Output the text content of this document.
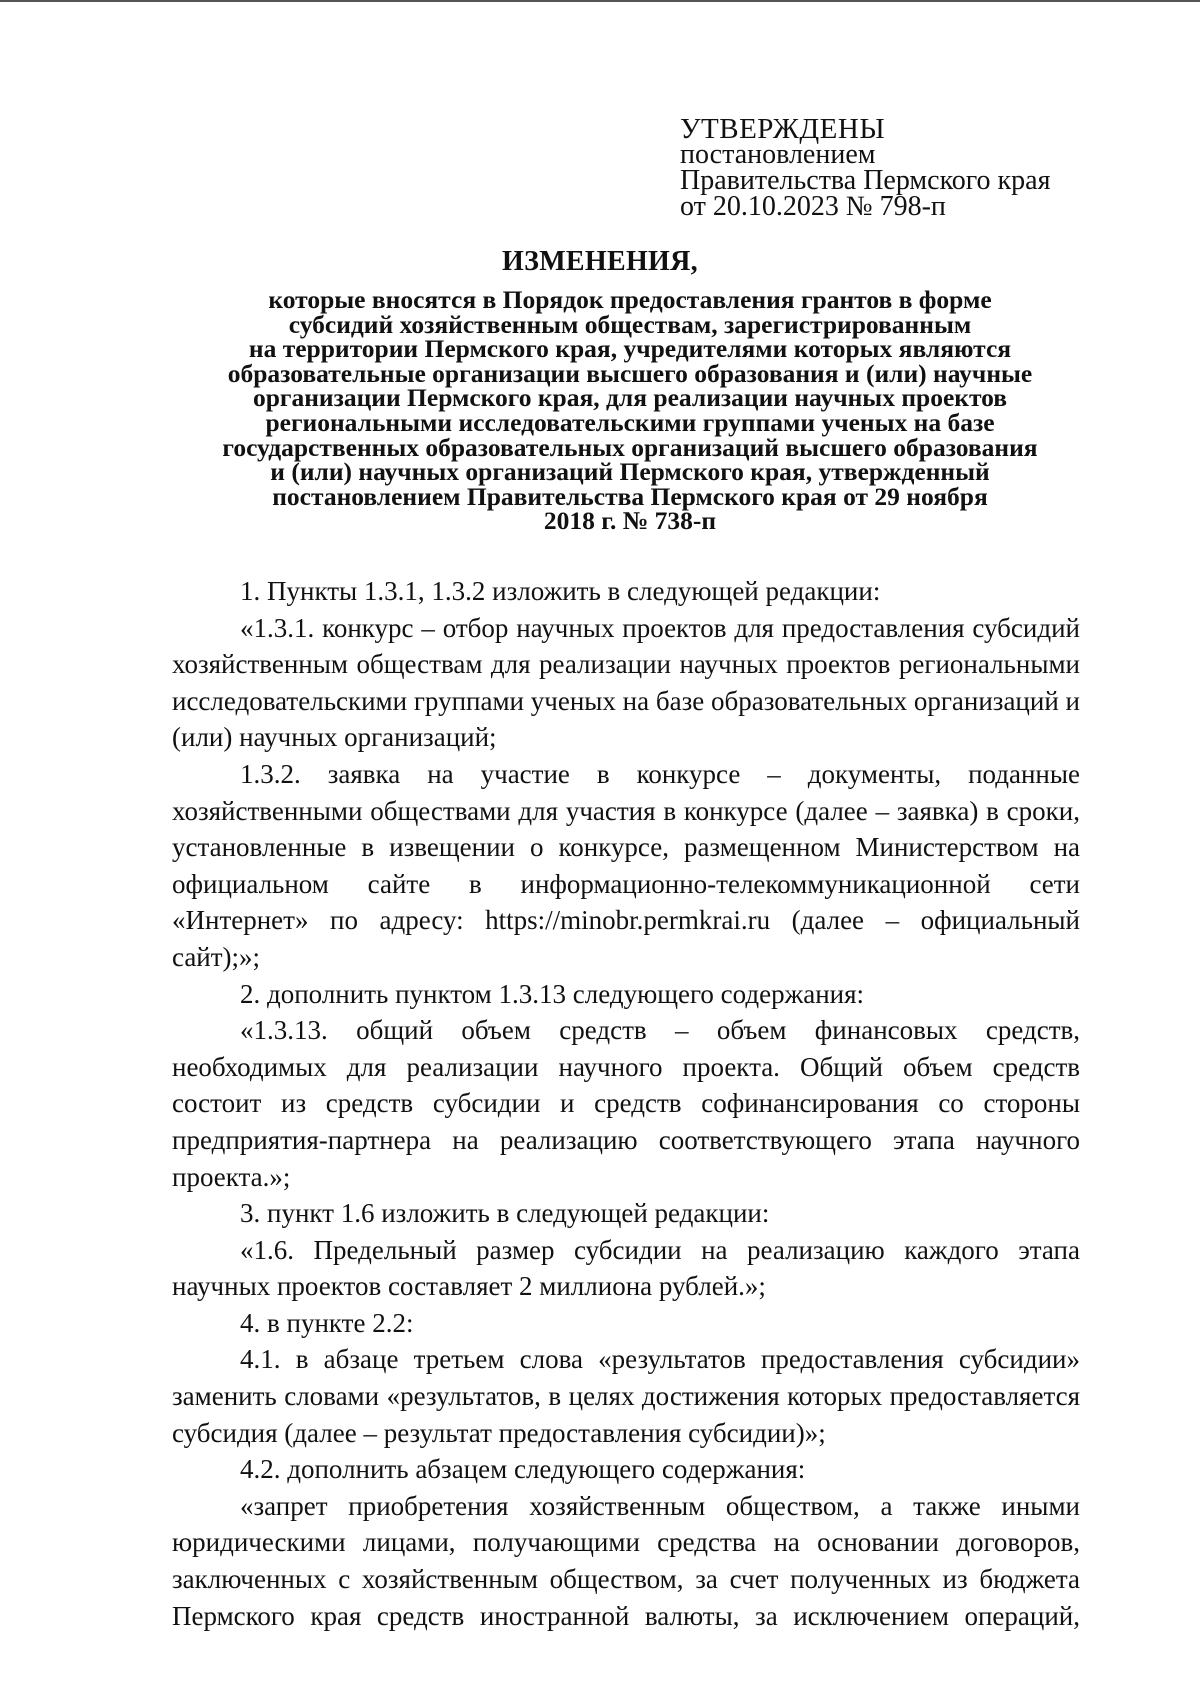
УТВЕРЖДЕНЫ
постановлением
Правительства Пермского края
от 20.10.2023 № 798-п
ИЗМЕНЕНИЯ,
которые вносятся в Порядок предоставления грантов в форме
субсидий хозяйственным обществам, зарегистрированным
на территории Пермского края, учредителями которых являются
образовательные организации высшего образования и (или) научные
организации Пермского края, для реализации научных проектов
региональными исследовательскими группами ученых на базе
государственных образовательных организаций высшего образования
и (или) научных организаций Пермского края, утвержденный
постановлением Правительства Пермского края от 29 ноября
2018 г. № 738-п

1. Пункты 1.3.1, 1.3.2 изложить в следующей редакции:

«1.3.1. конкурс – отбор научных проектов для предоставления субсидий хозяйственным обществам для реализации научных проектов региональными исследовательскими группами ученых на базе образовательных организаций и (или) научных организаций;

1.3.2. заявка на участие в конкурсе – документы, поданные хозяйственными обществами для участия в конкурсе (далее – заявка) в сроки, установленные в извещении о конкурсе, размещенном Министерством на официальном сайте в информационно-телекоммуникационной сети «Интернет» по адресу: https://minobr.permkrai.ru (далее – официальный сайт);»;

2. дополнить пунктом 1.3.13 следующего содержания:

«1.3.13. общий объем средств – объем финансовых средств, необходимых для реализации научного проекта. Общий объем средств состоит из средств субсидии и средств софинансирования со стороны предприятия-партнера на реализацию соответствующего этапа научного проекта.»;

3. пункт 1.6 изложить в следующей редакции:

«1.6. Предельный размер субсидии на реализацию каждого этапа научных проектов составляет 2 миллиона рублей.»;

4. в пункте 2.2:

4.1. в абзаце третьем слова «результатов предоставления субсидии» заменить словами «результатов, в целях достижения которых предоставляется субсидия (далее – результат предоставления субсидии)»;

4.2. дополнить абзацем следующего содержания:

«запрет приобретения хозяйственным обществом, а также иными юридическими лицами, получающими средства на основании договоров, заключенных с хозяйственным обществом, за счет полученных из бюджета Пермского края средств иностранной валюты, за исключением операций,
